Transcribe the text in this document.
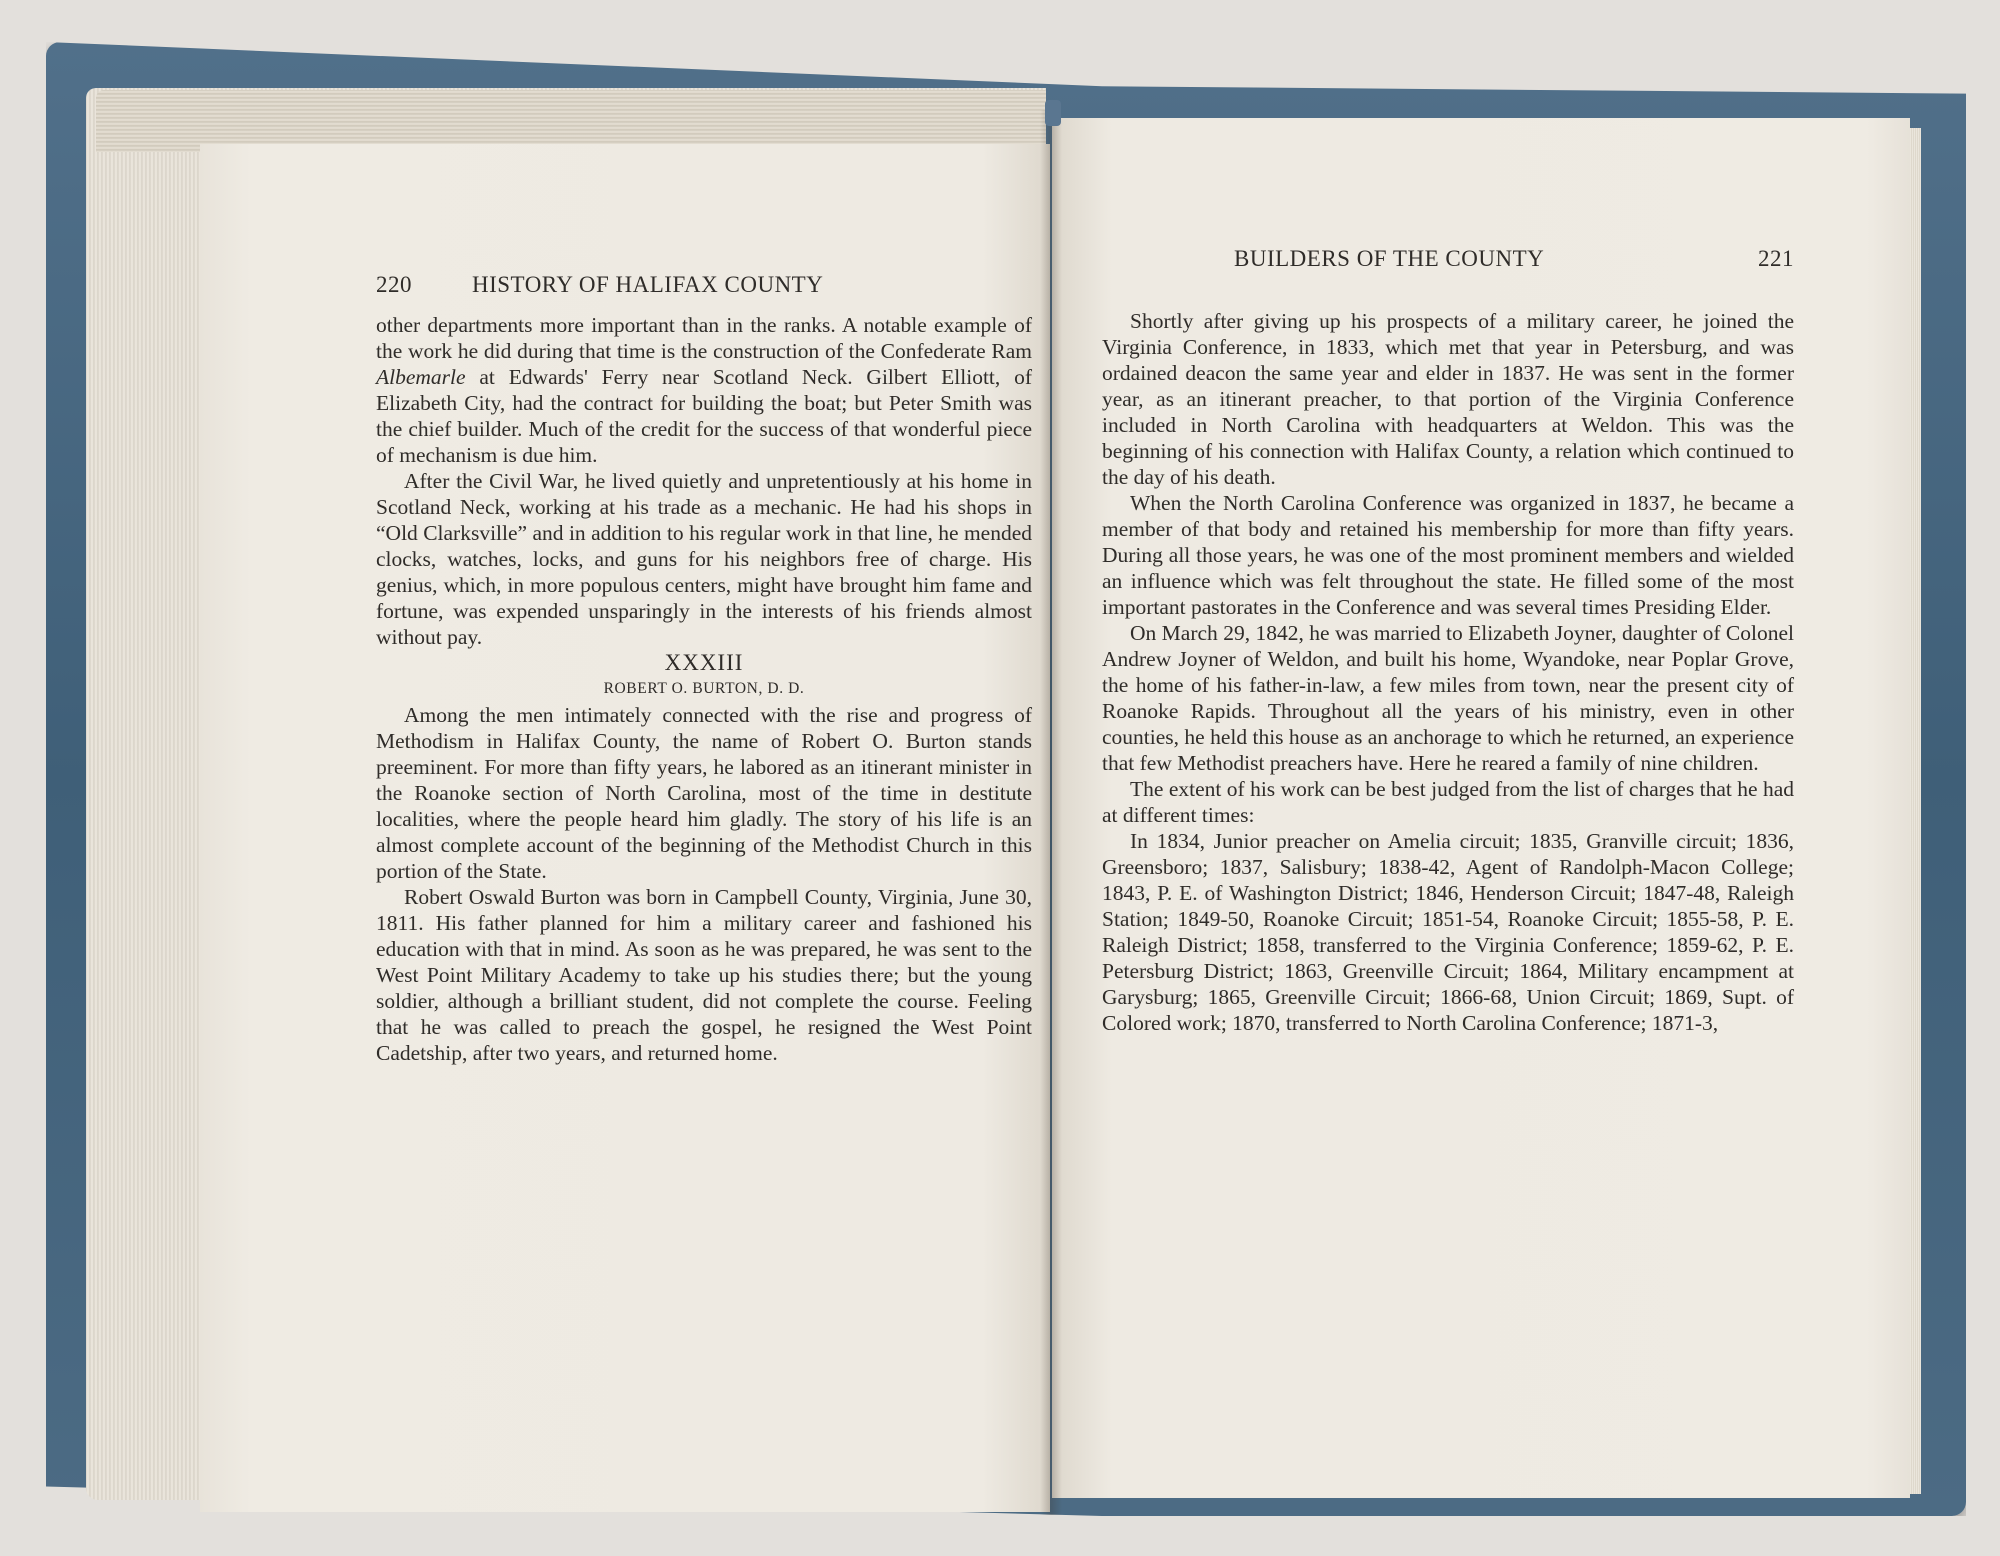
220	HISTORY OF HALIFAX COUNTY

other departments more important than in the ranks. A notable example of the work he did during that time is the construction of the Confederate Ram Albemarle at Edwards' Ferry near Scotland Neck. Gilbert Elliott, of Elizabeth City, had the contract for building the boat; but Peter Smith was the chief builder. Much of the credit for the success of that wonderful piece of mechanism is due him.

After the Civil War, he lived quietly and unpretentiously at his home in Scotland Neck, working at his trade as a mechanic. He had his shops in “Old Clarksville” and in addition to his regular work in that line, he mended clocks, watches, locks, and guns for his neighbors free of charge. His genius, which, in more populous centers, might have brought him fame and fortune, was expended unsparingly in the interests of his friends almost without pay.

XXXIII

ROBERT O. BURTON, D. D.

Among the men intimately connected with the rise and progress of Methodism in Halifax County, the name of Robert O. Burton stands preeminent. For more than fifty years, he labored as an itinerant minister in the Roanoke section of North Carolina, most of the time in destitute localities, where the people heard him gladly. The story of his life is an almost complete account of the beginning of the Methodist Church in this portion of the State.

Robert Oswald Burton was born in Campbell County, Virginia, June 30, 1811. His father planned for him a military career and fashioned his education with that in mind. As soon as he was prepared, he was sent to the West Point Military Academy to take up his studies there; but the young soldier, although a brilliant student, did not complete the course. Feeling that he was called to preach the gospel, he resigned the West Point Cadetship, after two years, and returned home.

BUILDERS OF THE COUNTY	221

Shortly after giving up his prospects of a military career, he joined the Virginia Conference, in 1833, which met that year in Petersburg, and was ordained deacon the same year and elder in 1837. He was sent in the former year, as an itinerant preacher, to that portion of the Virginia Conference included in North Carolina with headquarters at Weldon. This was the beginning of his connection with Halifax County, a relation which continued to the day of his death.

When the North Carolina Conference was organized in 1837, he became a member of that body and retained his membership for more than fifty years. During all those years, he was one of the most prominent members and wielded an influence which was felt throughout the state. He filled some of the most important pastorates in the Conference and was several times Presiding Elder.

On March 29, 1842, he was married to Elizabeth Joyner, daughter of Colonel Andrew Joyner of Weldon, and built his home, Wyandoke, near Poplar Grove, the home of his father-in-law, a few miles from town, near the present city of Roanoke Rapids. Throughout all the years of his ministry, even in other counties, he held this house as an anchorage to which he returned, an experience that few Methodist preachers have. Here he reared a family of nine children.

The extent of his work can be best judged from the list of charges that he had at different times:

In 1834, Junior preacher on Amelia circuit; 1835, Granville circuit; 1836, Greensboro; 1837, Salisbury; 1838-42, Agent of Randolph-Macon College; 1843, P. E. of Washington District; 1846, Henderson Circuit; 1847-48, Raleigh Station; 1849-50, Roanoke Circuit; 1851-54, Roanoke Circuit; 1855-58, P. E. Raleigh District; 1858, transferred to the Virginia Conference; 1859-62, P. E. Petersburg District; 1863, Greenville Circuit; 1864, Military encampment at Garysburg; 1865, Greenville Circuit; 1866-68, Union Circuit; 1869, Supt. of Colored work; 1870, transferred to North Carolina Conference; 1871-3,
